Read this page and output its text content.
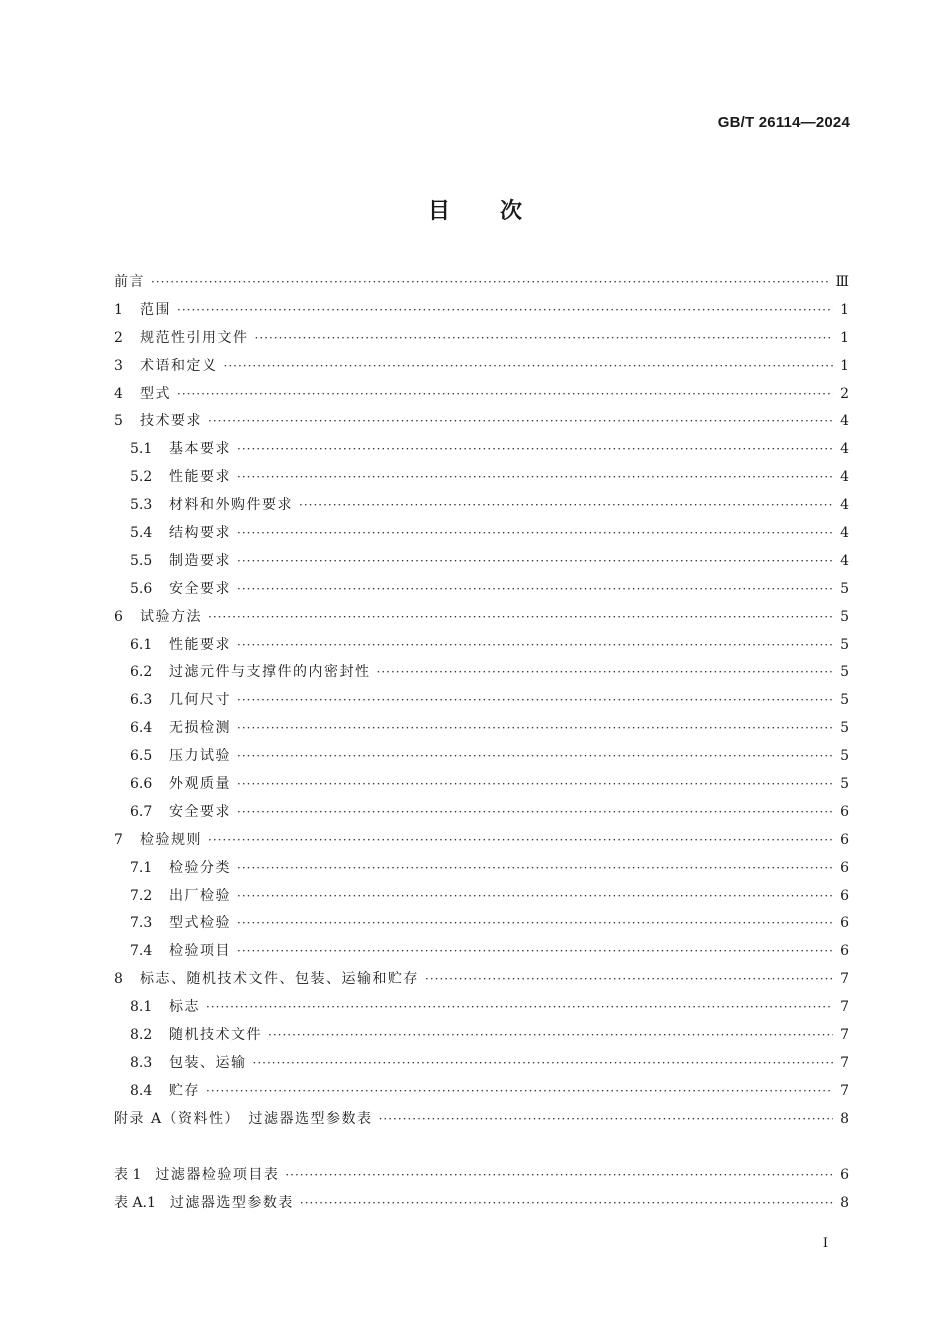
GB/T 26114—2024
目 次
前言 ·····	Ⅲ
1	范围 ·····	1
2	规范性引用文件 ·····	1
3	术语和定义 ·····	1
4	型式 ·····	2
5	技术要求 ·····	4
5.1	基本要求 ·····	4
5.2	性能要求 ·····	4
5.3	材料和外购件要求 ·····	4
5.4	结构要求 ·····	4
5.5	制造要求 ·····	4
5.6	安全要求 ·····	5
6	试验方法 ·····	5
6.1	性能要求 ·····	5
6.2	过滤元件与支撑件的内密封性 ·····	5
6.3	几何尺寸 ·····	5
6.4	无损检测 ·····	5
6.5	压力试验 ·····	5
6.6	外观质量 ·····	5
6.7	安全要求 ·····	6
7	检验规则 ·····	6
7.1	检验分类 ·····	6
7.2	出厂检验 ·····	6
7.3	型式检验 ·····	6
7.4	检验项目 ·····	6
8	标志、随机技术文件、包装、运输和贮存 ·····	7
8.1	标志 ·····	7
8.2	随机技术文件 ·····	7
8.3	包装、运输 ·····	7
8.4	贮存 ·····	7
附录 A（资料性）　过滤器选型参数表 ·····	8
表 1 过滤器检验项目表 ·····	6
表 A.1 过滤器选型参数表 ·····	8
I
